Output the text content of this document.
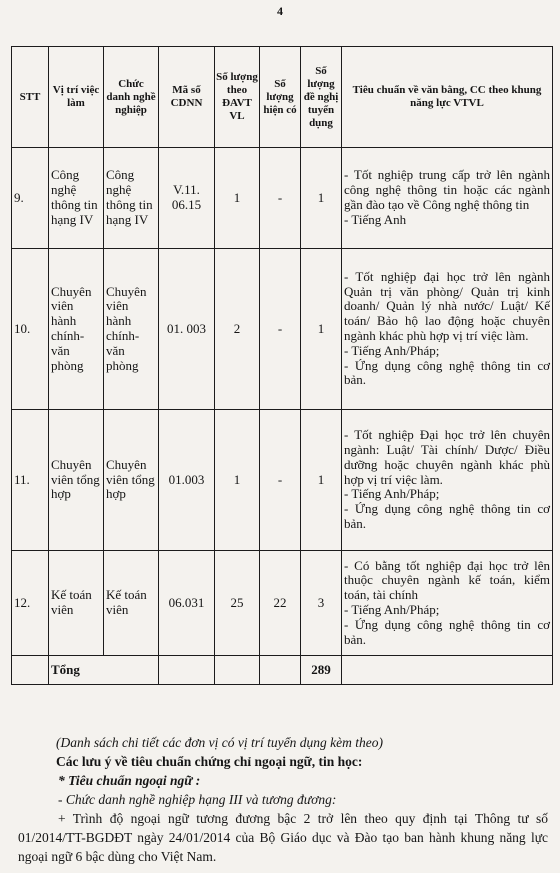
4
STT	Vị trí việc làm	Chức danh nghề nghiệp	Mã số CDNN	Số lượng theo ĐAVT VL	Số lượng hiện có	Số lượng đề nghị tuyển dụng	Tiêu chuẩn về văn bằng, CC theo khung năng lực VTVL
9.	Công nghệ thông tin hạng IV	Công nghệ thông tin hạng IV	V.11. 06.15	1	-	1	- Tốt nghiệp trung cấp trở lên ngành công nghệ thông tin hoặc các ngành gần đào tạo về Công nghệ thông tin
- Tiếng Anh

10.	Chuyên viên hành chính-văn phòng	Chuyên viên hành chính-văn phòng	01. 003	2	-	1	- Tốt nghiệp đại học trở lên ngành Quản trị văn phòng/ Quản trị kinh doanh/ Quản lý nhà nước/ Luật/ Kế toán/ Bảo hộ lao động hoặc chuyên ngành khác phù hợp vị trí việc làm.
- Tiếng Anh/Pháp;
- Ứng dụng công nghệ thông tin cơ bản.

11.	Chuyên viên tổng hợp	Chuyên viên tổng hợp	01.003	1	-	1	- Tốt nghiệp Đại học trở lên chuyên ngành: Luật/ Tài chính/ Dược/ Điều dưỡng hoặc chuyên ngành khác phù hợp vị trí việc làm.
- Tiếng Anh/Pháp;
- Ứng dụng công nghệ thông tin cơ bản.

12.	Kế toán viên	Kế toán viên	06.031	25	22	3	- Có bằng tốt nghiệp đại học trở lên thuộc chuyên ngành kế toán, kiểm toán, tài chính
- Tiếng Anh/Pháp;
- Ứng dụng công nghệ thông tin cơ bản.

	Tổng					289	

(Danh sách chi tiết các đơn vị có vị trí tuyển dụng kèm theo)

Các lưu ý về tiêu chuẩn chứng chỉ ngoại ngữ, tin học:

* Tiêu chuẩn ngoại ngữ :

- Chức danh nghề nghiệp hạng III và tương đương:

+ Trình độ ngoại ngữ tương đương bậc 2 trở lên theo quy định tại Thông tư số 01/2014/TT-BGDĐT ngày 24/01/2014 của Bộ Giáo dục và Đào tạo ban hành khung năng lực ngoại ngữ 6 bậc dùng cho Việt Nam.
